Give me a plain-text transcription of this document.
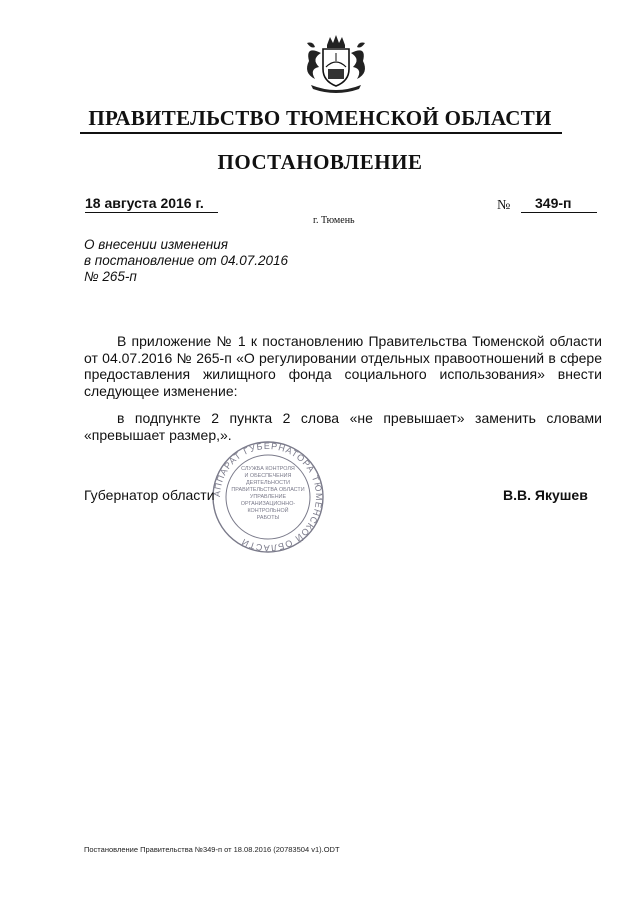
ПРАВИТЕЛЬСТВО ТЮМЕНСКОЙ ОБЛАСТИ
ПОСТАНОВЛЕНИЕ
18 августа 2016 г.	№	349-п
г. Тюмень
О внесении изменения
в постановление от 04.07.2016
№ 265-п
В приложение № 1 к постановлению Правительства Тюменской области от 04.07.2016 № 265-п «О регулировании отдельных правоотношений в сфере предоставления жилищного фонда социального использования» внести следующее изменение:
в подпункте 2 пункта 2 слова «не превышает» заменить словами «превышает размер,».
АППАРАТ ГУБЕРНАТОРА ТЮМЕНСКОЙ ОБЛАСТИ
СЛУЖБА КОНТРОЛЯ
И ОБЕСПЕЧЕНИЯ
ДЕЯТЕЛЬНОСТИ
ПРАВИТЕЛЬСТВА ОБЛАСТИ
УПРАВЛЕНИЕ
ОРГАНИЗАЦИОННО-
КОНТРОЛЬНОЙ
РАБОТЫ
Губернатор области	В.В. Якушев
Постановление Правительства №349-п от 18.08.2016 (20783504 v1).ODT
